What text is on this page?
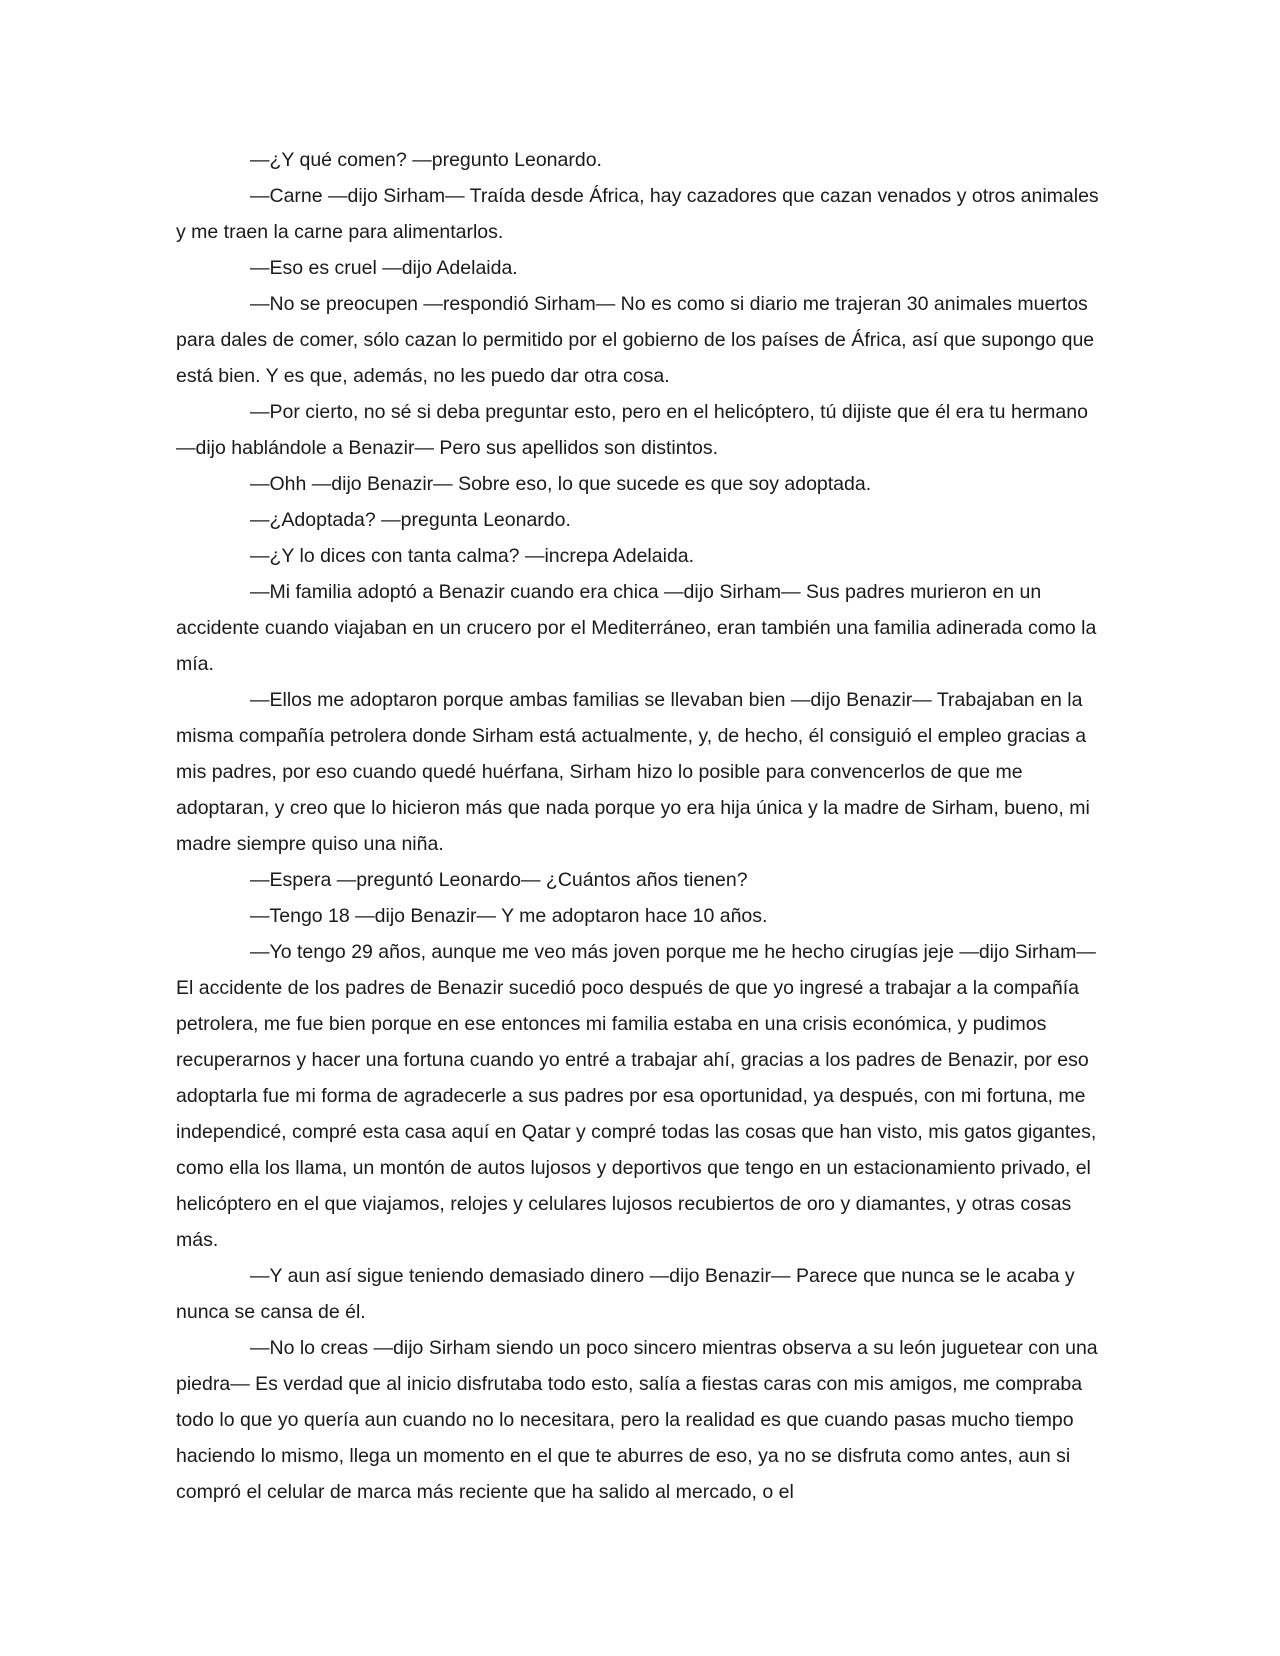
—¿Y qué comen? —pregunto Leonardo.

—Carne —dijo Sirham— Traída desde África, hay cazadores que cazan venados y otros animales y me traen la carne para alimentarlos.

—Eso es cruel —dijo Adelaida.

—No se preocupen —respondió Sirham— No es como si diario me trajeran 30 animales muertos para dales de comer, sólo cazan lo permitido por el gobierno de los países de África, así que supongo que está bien. Y es que, además, no les puedo dar otra cosa.

—Por cierto, no sé si deba preguntar esto, pero en el helicóptero, tú dijiste que él era tu hermano —dijo hablándole a Benazir— Pero sus apellidos son distintos.

—Ohh —dijo Benazir— Sobre eso, lo que sucede es que soy adoptada.

—¿Adoptada? —pregunta Leonardo.

—¿Y lo dices con tanta calma? —increpa Adelaida.

—Mi familia adoptó a Benazir cuando era chica —dijo Sirham— Sus padres murieron en un accidente cuando viajaban en un crucero por el Mediterráneo, eran también una familia adinerada como la mía.

—Ellos me adoptaron porque ambas familias se llevaban bien —dijo Benazir— Trabajaban en la misma compañía petrolera donde Sirham está actualmente, y, de hecho, él consiguió el empleo gracias a mis padres, por eso cuando quedé huérfana, Sirham hizo lo posible para convencerlos de que me adoptaran, y creo que lo hicieron más que nada porque yo era hija única y la madre de Sirham, bueno, mi madre siempre quiso una niña.

—Espera —preguntó Leonardo— ¿Cuántos años tienen?

—Tengo 18 —dijo Benazir— Y me adoptaron hace 10 años.

—Yo tengo 29 años, aunque me veo más joven porque me he hecho cirugías jeje —dijo Sirham— El accidente de los padres de Benazir sucedió poco después de que yo ingresé a trabajar a la compañía petrolera, me fue bien porque en ese entonces mi familia estaba en una crisis económica, y pudimos recuperarnos y hacer una fortuna cuando yo entré a trabajar ahí, gracias a los padres de Benazir, por eso adoptarla fue mi forma de agradecerle a sus padres por esa oportunidad, ya después, con mi fortuna, me independicé, compré esta casa aquí en Qatar y compré todas las cosas que han visto, mis gatos gigantes, como ella los llama, un montón de autos lujosos y deportivos que tengo en un estacionamiento privado, el helicóptero en el que viajamos, relojes y celulares lujosos recubiertos de oro y diamantes, y otras cosas más.

—Y aun así sigue teniendo demasiado dinero —dijo Benazir— Parece que nunca se le acaba y nunca se cansa de él.

—No lo creas —dijo Sirham siendo un poco sincero mientras observa a su león juguetear con una piedra— Es verdad que al inicio disfrutaba todo esto, salía a fiestas caras con mis amigos, me compraba todo lo que yo quería aun cuando no lo necesitara, pero la realidad es que cuando pasas mucho tiempo haciendo lo mismo, llega un momento en el que te aburres de eso, ya no se disfruta como antes, aun si compró el celular de marca más reciente que ha salido al mercado, o el
